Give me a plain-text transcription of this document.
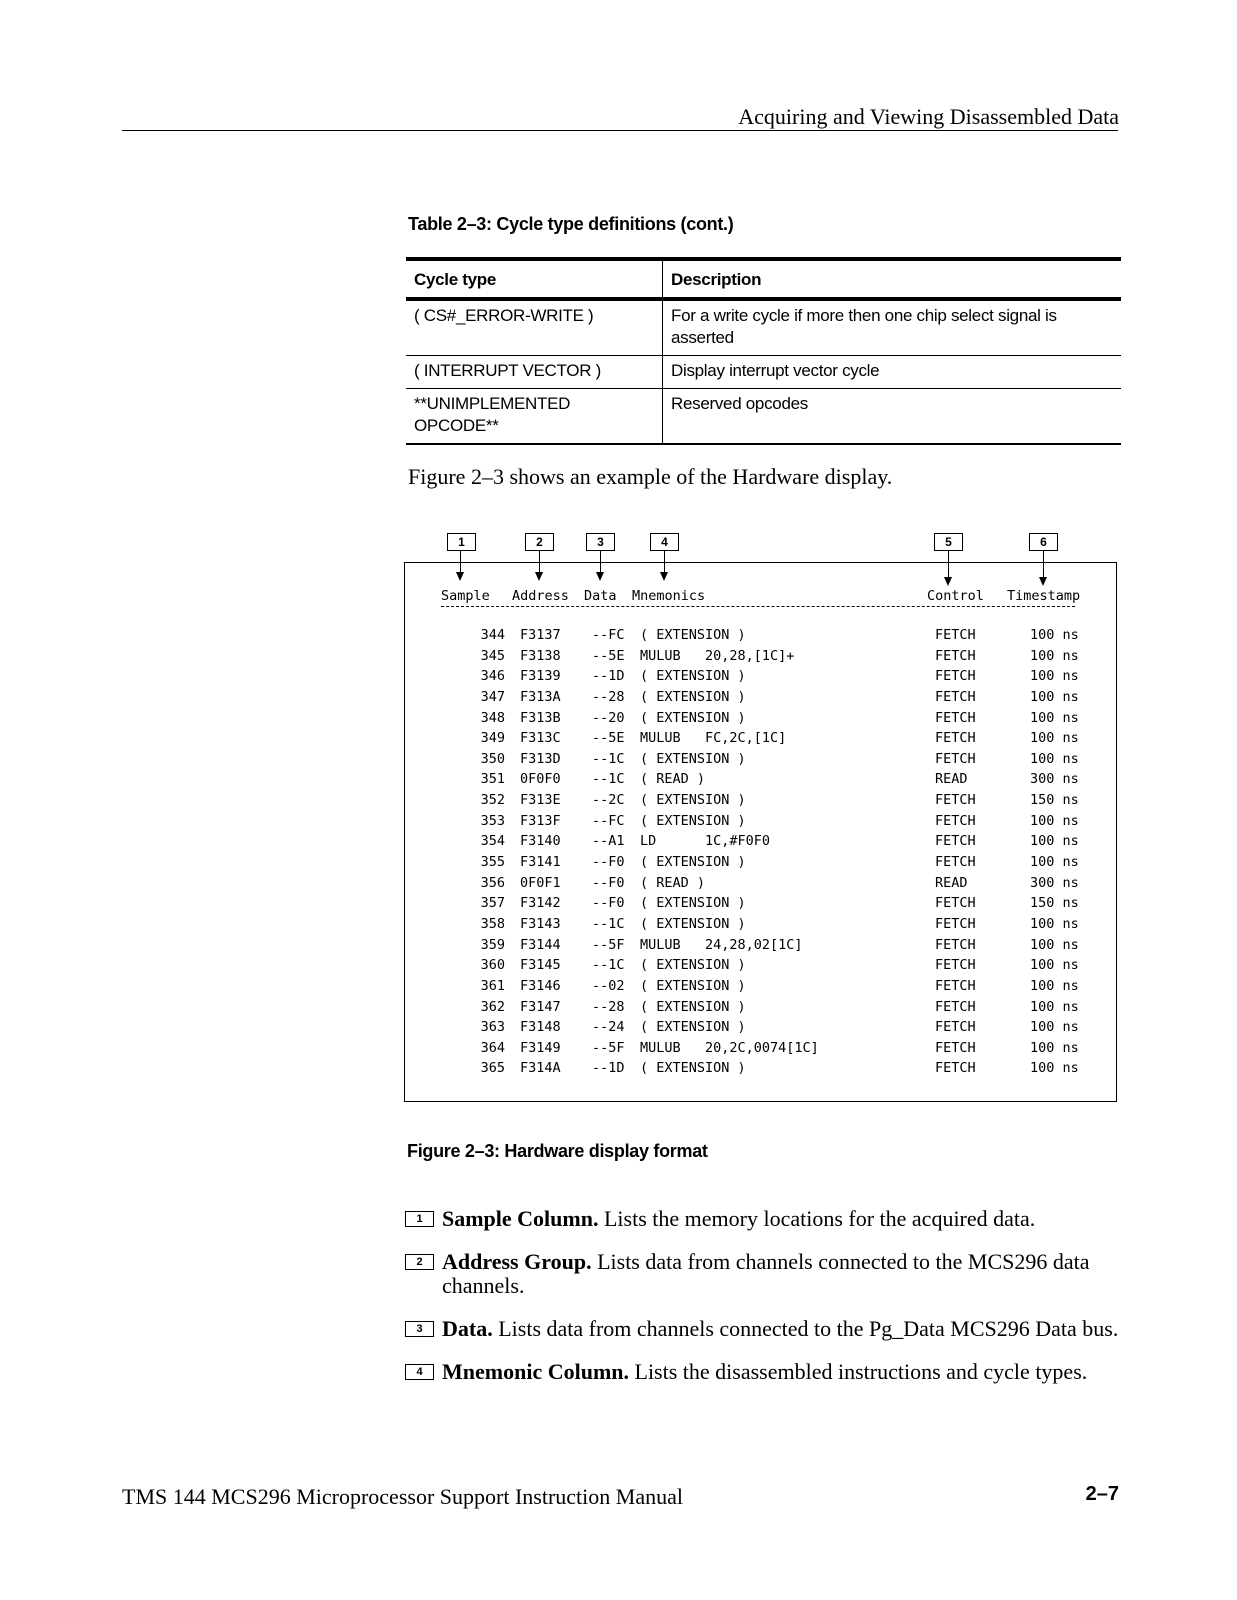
Acquiring and Viewing Disassembled Data
Table 2–3: Cycle type definitions (cont.)
Cycle type	Description
( CS#_ERROR-WRITE )	For a write cycle if more then one chip select signal is asserted
( INTERRUPT VECTOR )	Display interrupt vector cycle
**UNIMPLEMENTED OPCODE**	Reserved opcodes
Figure 2–3 shows an example of the Hardware display.
1	2	3	4	5	6
Sample Address Data Mnemonics	Control Timestamp
344 F3137 --FC ( EXTENSION )	FETCH	100 ns
345 F3138 --5E MULUB   20,28,[1C]+	FETCH	100 ns
346 F3139 --1D ( EXTENSION )	FETCH	100 ns
347 F313A --28 ( EXTENSION )	FETCH	100 ns
348 F313B --20 ( EXTENSION )	FETCH	100 ns
349 F313C --5E MULUB   FC,2C,[1C]	FETCH	100 ns
350 F313D --1C ( EXTENSION )	FETCH	100 ns
351 0F0F0 --1C ( READ )	READ	300 ns
352 F313E --2C ( EXTENSION )	FETCH	150 ns
353 F313F --FC ( EXTENSION )	FETCH	100 ns
354 F3140 --A1 LD      1C,#F0F0	FETCH	100 ns
355 F3141 --F0 ( EXTENSION )	FETCH	100 ns
356 0F0F1 --F0 ( READ )	READ	300 ns
357 F3142 --F0 ( EXTENSION )	FETCH	150 ns
358 F3143 --1C ( EXTENSION )	FETCH	100 ns
359 F3144 --5F MULUB   24,28,02[1C]	FETCH	100 ns
360 F3145 --1C ( EXTENSION )	FETCH	100 ns
361 F3146 --02 ( EXTENSION )	FETCH	100 ns
362 F3147 --28 ( EXTENSION )	FETCH	100 ns
363 F3148 --24 ( EXTENSION )	FETCH	100 ns
364 F3149 --5F MULUB   20,2C,0074[1C]	FETCH	100 ns
365 F314A --1D ( EXTENSION )	FETCH	100 ns
Figure 2–3: Hardware display format
1 Sample Column. Lists the memory locations for the acquired data.
2 Address Group. Lists data from channels connected to the MCS296 data channels.
3 Data. Lists data from channels connected to the Pg_Data MCS296 Data bus.
4 Mnemonic Column. Lists the disassembled instructions and cycle types.
TMS 144 MCS296 Microprocessor Support Instruction Manual	2–7
